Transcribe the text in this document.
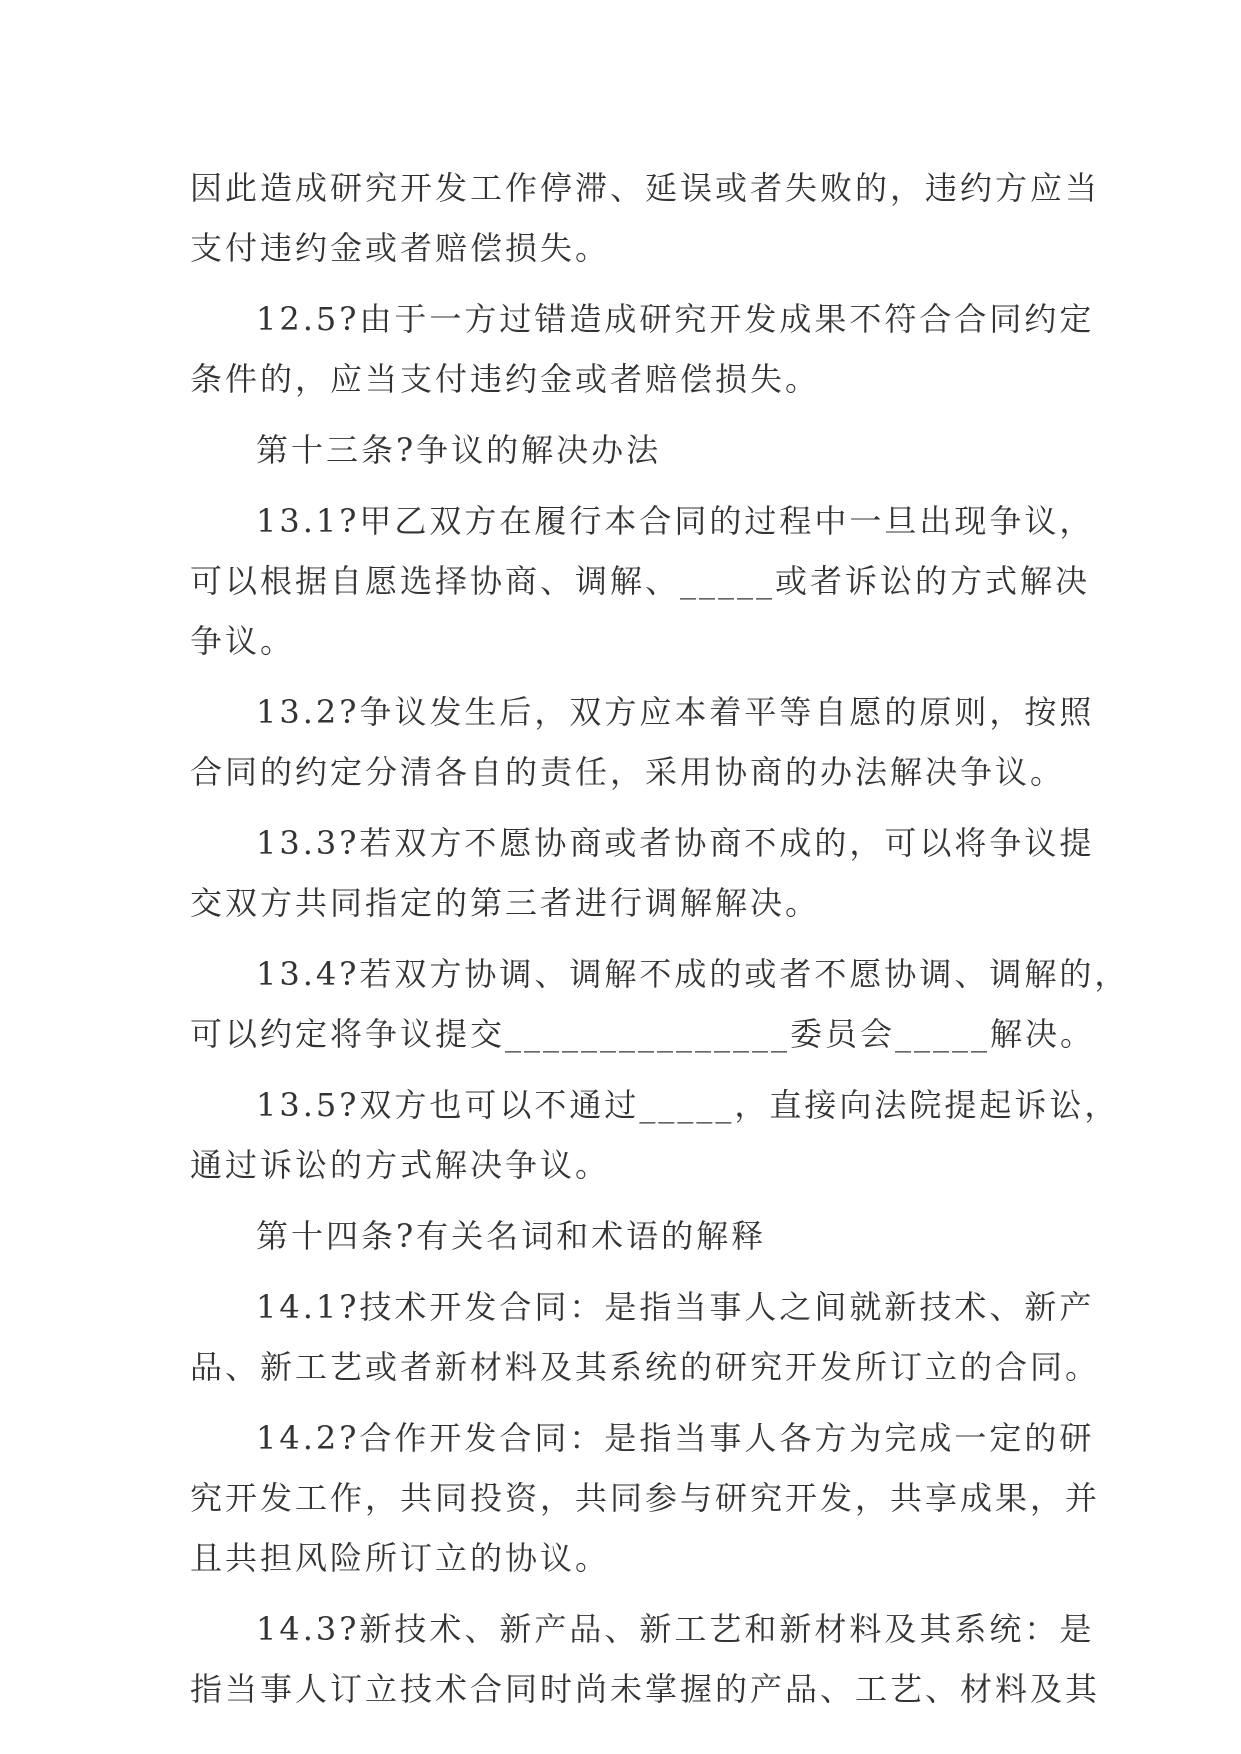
因此造成研究开发工作停滞、延误或者失败的，违约方应当

支付违约金或者赔偿损失。

12.5?由于一方过错造成研究开发成果不符合合同约定

条件的，应当支付违约金或者赔偿损失。

第十三条?争议的解决办法

13.1?甲乙双方在履行本合同的过程中一旦出现争议，

可以根据自愿选择协商、调解、_____或者诉讼的方式解决

争议。

13.2?争议发生后，双方应本着平等自愿的原则，按照

合同的约定分清各自的责任，采用协商的办法解决争议。

13.3?若双方不愿协商或者协商不成的，可以将争议提

交双方共同指定的第三者进行调解解决。

13.4?若双方协调、调解不成的或者不愿协调、调解的，

可以约定将争议提交_______________委员会_____解决。

13.5?双方也可以不通过_____，直接向法院提起诉讼，

通过诉讼的方式解决争议。

第十四条?有关名词和术语的解释

14.1?技术开发合同：是指当事人之间就新技术、新产

品、新工艺或者新材料及其系统的研究开发所订立的合同。

14.2?合作开发合同：是指当事人各方为完成一定的研

究开发工作，共同投资，共同参与研究开发，共享成果，并

且共担风险所订立的协议。

14.3?新技术、新产品、新工艺和新材料及其系统：是

指当事人订立技术合同时尚未掌握的产品、工艺、材料及其
